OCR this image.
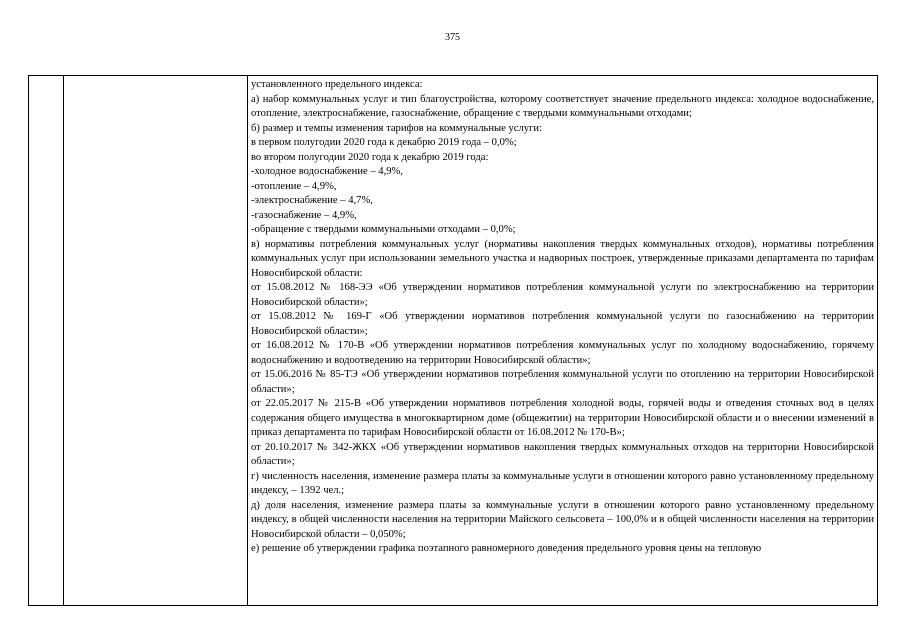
375

установленного предельного индекса:

а) набор коммунальных услуг и тип благоустройства, которому соответствует значение предельного индекса: холодное водоснабжение, отопление, электроснабжение, газоснабжение, обращение с твердыми коммунальными отходами;

б) размер и темпы изменения тарифов на коммунальные услуги:

в первом полугодии 2020 года к декабрю 2019 года – 0,0%;

во втором полугодии 2020 года к декабрю 2019 года:

-холодное водоснабжение – 4,9%,

-отопление – 4,9%,

-электроснабжение – 4,7%,

-газоснабжение – 4,9%,

-обращение с твердыми коммунальными отходами – 0,0%;

в) нормативы потребления коммунальных услуг (нормативы накопления твердых коммунальных отходов), нормативы потребления коммунальных услуг при использовании земельного участка и надворных построек, утвержденные приказами департамента по тарифам Новосибирской области:

от 15.08.2012 № 168-ЭЭ «Об утверждении нормативов потребления коммунальной услуги по электроснабжению на территории Новосибирской области»;

от 15.08.2012 № 169-Г «Об утверждении нормативов потребления коммунальной услуги по газоснабжению на территории Новосибирской области»;

от 16.08.2012 № 170-В «Об утверждении нормативов потребления коммунальных услуг по холодному водоснабжению, горячему водоснабжению и водоотведению на территории Новосибирской области»;

от 15.06.2016 № 85-ТЭ «Об утверждении нормативов потребления коммунальной услуги по отоплению на территории Новосибирской области»;

от 22.05.2017 № 215-В «Об утверждении нормативов потребления холодной воды, горячей воды и отведения сточных вод в целях содержания общего имущества в многоквартирном доме (общежитии) на территории Новосибирской области и о внесении изменений в приказ департамента по тарифам Новосибирской области от 16.08.2012 № 170-В»;

от 20.10.2017 № 342-ЖКХ «Об утверждении нормативов накопления твердых коммунальных отходов на территории Новосибирской области»;

г) численность населения, изменение размера платы за коммунальные услуги в отношении которого равно установленному предельному индексу, – 1392 чел.;

д) доля населения, изменение размера платы за коммунальные услуги в отношении которого равно установленному предельному индексу, в общей численности населения на территории Майского сельсовета – 100,0% и в общей численности населения на территории Новосибирской области – 0,050%;

е) решение об утверждении графика поэтапного равномерного доведения предельного уровня цены на тепловую
